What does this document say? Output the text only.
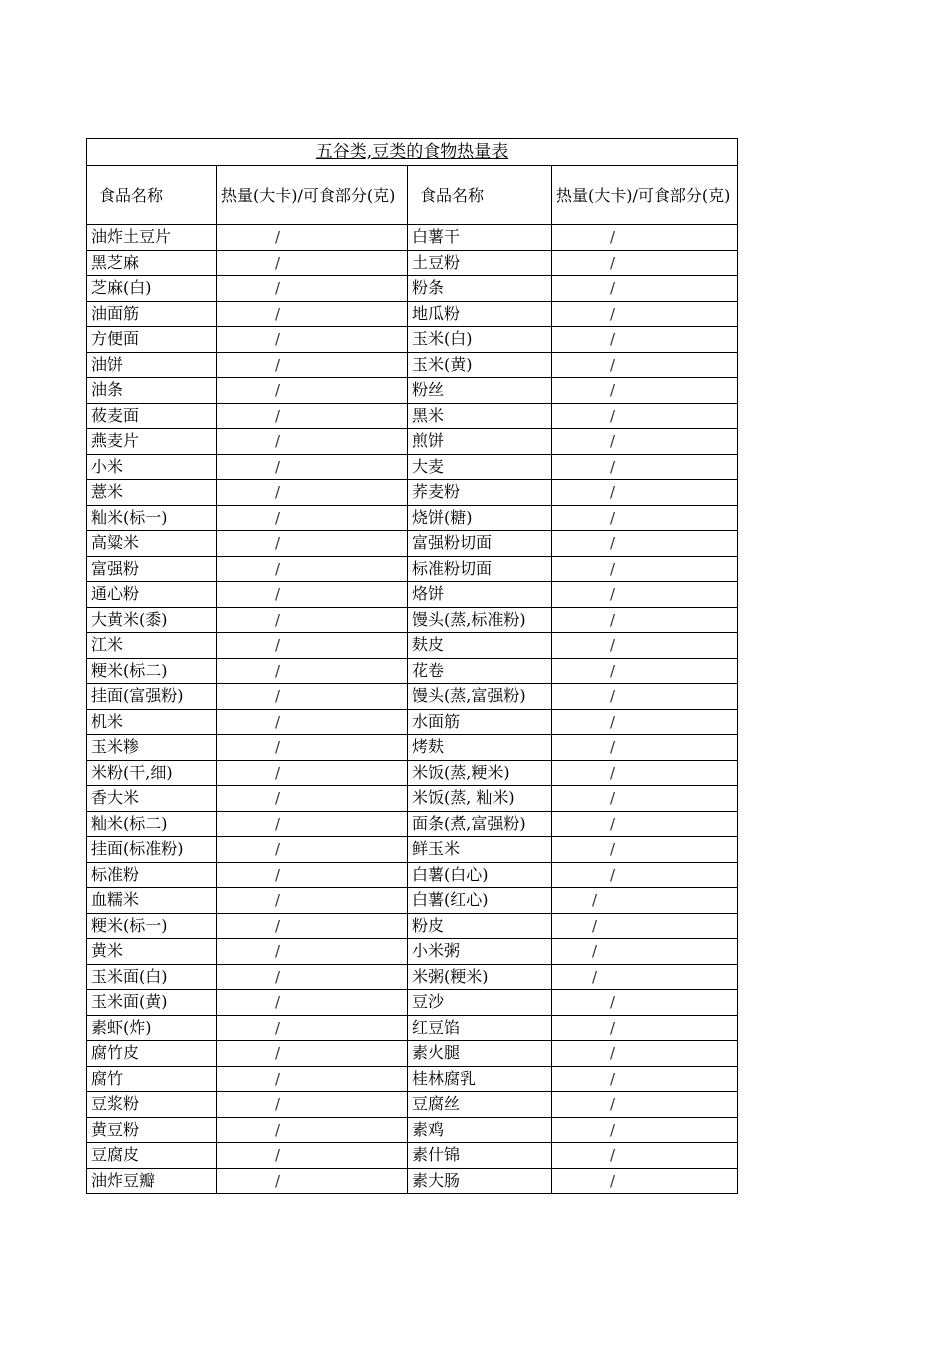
五谷类,豆类的食物热量表			
食品名称	热量(大卡)/可食部分(克)	食品名称	热量(大卡)/可食部分(克)
油炸土豆片	/	白薯干	/
黑芝麻	/	土豆粉	/
芝麻(白)	/	粉条	/
油面筋	/	地瓜粉	/
方便面	/	玉米(白)	/
油饼	/	玉米(黄)	/
油条	/	粉丝	/
莜麦面	/	黑米	/
燕麦片	/	煎饼	/
小米	/	大麦	/
薏米	/	荞麦粉	/
籼米(标一)	/	烧饼(糖)	/
高粱米	/	富强粉切面	/
富强粉	/	标准粉切面	/
通心粉	/	烙饼	/
大黄米(黍)	/	馒头(蒸,标准粉)	/
江米	/	麸皮	/
粳米(标二)	/	花卷	/
挂面(富强粉)	/	馒头(蒸,富强粉)	/
机米	/	水面筋	/
玉米糁	/	烤麸	/
米粉(干,细)	/	米饭(蒸,粳米)	/
香大米	/	米饭(蒸, 籼米)	/
籼米(标二)	/	面条(煮,富强粉)	/
挂面(标准粉)	/	鲜玉米	/
标准粉	/	白薯(白心)	/
血糯米	/	白薯(红心)	/
粳米(标一)	/	粉皮	/
黄米	/	小米粥	/
玉米面(白)	/	米粥(粳米)	/
玉米面(黄)	/	豆沙	/
素虾(炸)	/	红豆馅	/
腐竹皮	/	素火腿	/
腐竹	/	桂林腐乳	/
豆浆粉	/	豆腐丝	/
黄豆粉	/	素鸡	/
豆腐皮	/	素什锦	/
油炸豆瓣	/	素大肠	/
